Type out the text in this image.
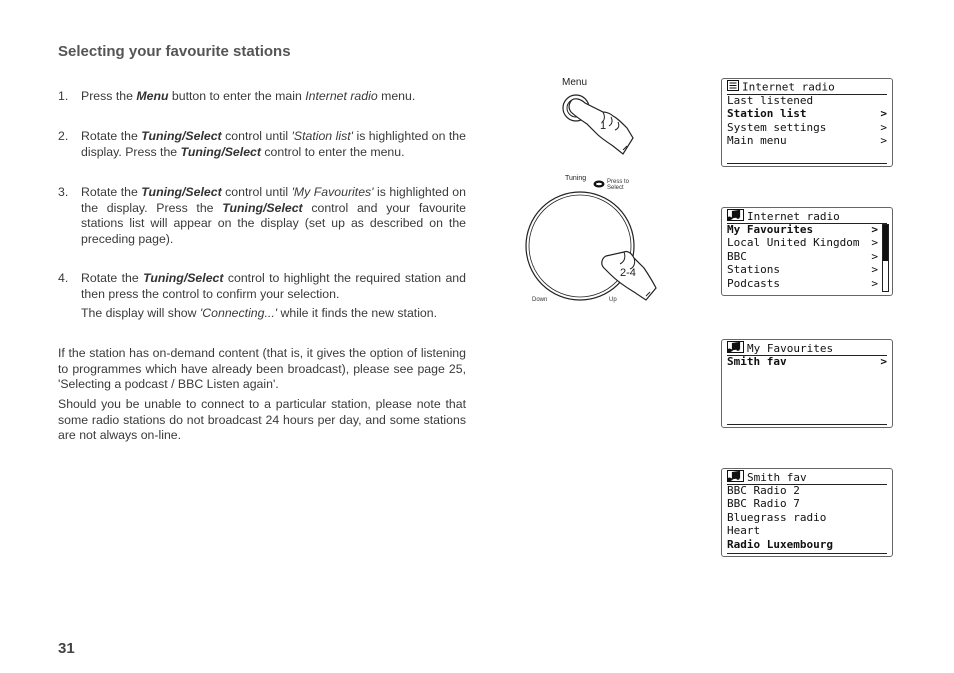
Selecting your favourite stations
1. Press the Menu button to enter the main Internet radio menu.
2. Rotate the Tuning/Select control until 'Station list' is highlighted on the display. Press the Tuning/Select control to enter the menu.
3. Rotate the Tuning/Select control until 'My Favourites' is highlighted on the display. Press the Tuning/Select control and your favourite stations list will appear on the display (set up as described on the preceding page).
4. Rotate the Tuning/Select control to highlight the required station and then press the control to confirm your selection.
The display will show 'Connecting...' while it finds the new station.
If the station has on-demand content (that is, it gives the option of listening to programmes which have already been broadcast), please see page 25, 'Selecting a podcast / BBC Listen again'.
Should you be unable to connect to a particular station, please note that some radio stations do not broadcast 24 hours per day, and some stations are not always on-line.
31
Menu
1
Tuning	Press to
Select
2-4
Down	Up
Internet radio
Last listened
Station list	>
System settings	>
Main menu	>
Internet radio
My Favourites	>
Local United Kingdom >
BBC	>
Stations	>
Podcasts	>
My Favourites
Smith fav	>
Smith fav
BBC Radio 2
BBC Radio 7
Bluegrass radio
Heart
Radio Luxembourg
